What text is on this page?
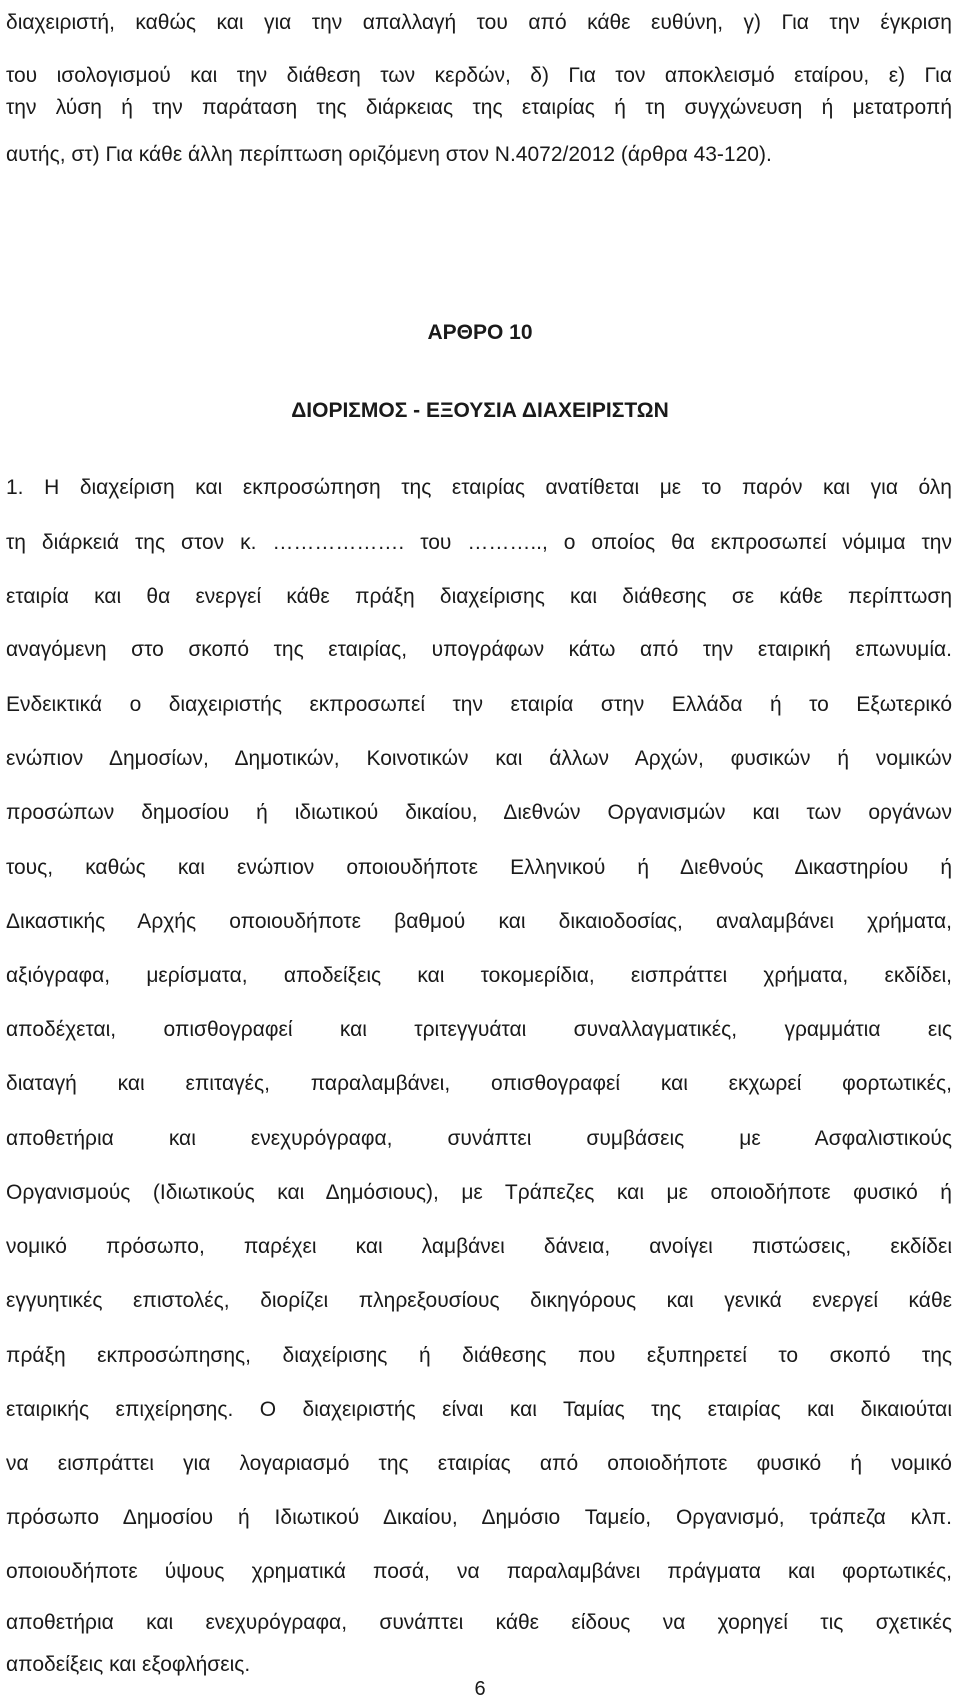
διαχειριστή, καθώς και για την απαλλαγή του από κάθε ευθύνη, γ) Για την έγκριση
του ισολογισμού και την διάθεση των κερδών, δ) Για τον αποκλεισμό εταίρου, ε) Για
την λύση ή την παράταση της διάρκειας της εταιρίας ή τη συγχώνευση ή μετατροπή
αυτής, στ) Για κάθε άλλη περίπτωση οριζόμενη στον Ν.4072/2012 (άρθρα 43-120).
ΑΡΘΡΟ 10
ΔΙΟΡΙΣΜΟΣ - ΕΞΟΥΣΙΑ ΔΙΑΧΕΙΡΙΣΤΩΝ
1. Η διαχείριση και εκπροσώπηση της εταιρίας ανατίθεται με το παρόν και για όλη
τη διάρκειά της στον κ. ………………. του ……….., ο οποίος θα εκπροσωπεί νόμιμα την
εταιρία και θα ενεργεί κάθε πράξη διαχείρισης και διάθεσης σε κάθε περίπτωση
αναγόμενη στο σκοπό της εταιρίας, υπογράφων κάτω από την εταιρική επωνυμία.
Ενδεικτικά ο διαχειριστής εκπροσωπεί την εταιρία στην Ελλάδα ή το Εξωτερικό
ενώπιον Δημοσίων, Δημοτικών, Κοινοτικών και άλλων Αρχών, φυσικών ή νομικών
προσώπων δημοσίου ή ιδιωτικού δικαίου, Διεθνών Οργανισμών και των οργάνων
τους, καθώς και ενώπιον οποιουδήποτε Ελληνικού ή Διεθνούς Δικαστηρίου ή
Δικαστικής Αρχής οποιουδήποτε βαθμού και δικαιοδοσίας, αναλαμβάνει χρήματα,
αξιόγραφα, μερίσματα, αποδείξεις και τοκομερίδια, εισπράττει χρήματα, εκδίδει,
αποδέχεται, οπισθογραφεί και τριτεγγυάται συναλλαγματικές, γραμμάτια εις
διαταγή και επιταγές, παραλαμβάνει, οπισθογραφεί και εκχωρεί φορτωτικές,
αποθετήρια και ενεχυρόγραφα, συνάπτει συμβάσεις με Ασφαλιστικούς
Οργανισμούς (Ιδιωτικούς και Δημόσιους), με Τράπεζες και με οποιοδήποτε φυσικό ή
νομικό πρόσωπο, παρέχει και λαμβάνει δάνεια, ανοίγει πιστώσεις, εκδίδει
εγγυητικές επιστολές, διορίζει πληρεξουσίους δικηγόρους και γενικά ενεργεί κάθε
πράξη εκπροσώπησης, διαχείρισης ή διάθεσης που εξυπηρετεί το σκοπό της
εταιρικής επιχείρησης. Ο διαχειριστής είναι και Ταμίας της εταιρίας και δικαιούται
να εισπράττει για λογαριασμό της εταιρίας από οποιοδήποτε φυσικό ή νομικό
πρόσωπο Δημοσίου ή Ιδιωτικού Δικαίου, Δημόσιο Ταμείο, Οργανισμό, τράπεζα κλπ.
οποιουδήποτε ύψους χρηματικά ποσά, να παραλαμβάνει πράγματα και φορτωτικές,
αποθετήρια και ενεχυρόγραφα, συνάπτει κάθε είδους να χορηγεί τις σχετικές
αποδείξεις και εξοφλήσεις.
6
